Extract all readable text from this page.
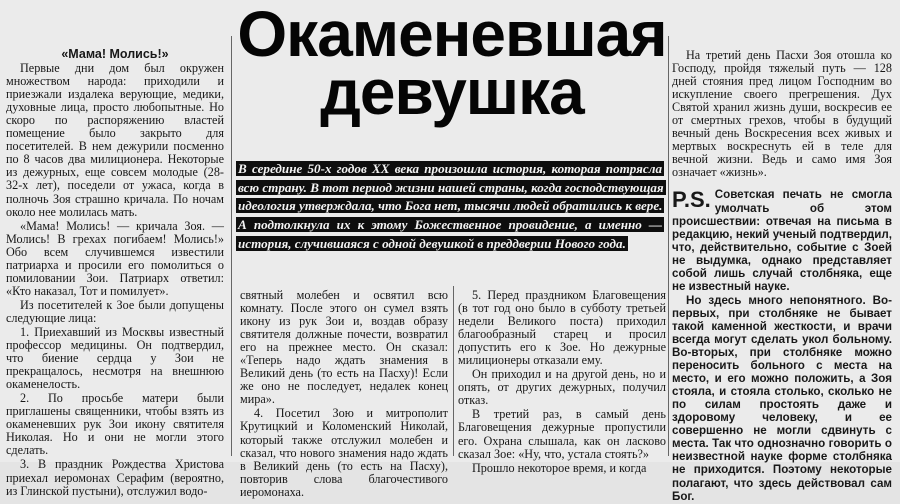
Окаменевшая
девушка
В середине 50-х годов XX века произошла история, которая потрясла всю страну. В тот период жизни нашей страны, когда господствующая идеология утверждала, что Бога нет, тысячи людей обратились к вере. А подтолкнула их к этому Божественное провидение, а именно — история, случившаяся с одной девушкой в преддверии Нового года.

«Мама! Молись!»

Первые дни дом был окружен множеством народа: приходили и приезжали издалека верующие, медики, духовные лица, просто любопытные. Но скоро по распоряжению властей помещение было закрыто для посетителей. В нем дежурили посменно по 8 часов два милиционера. Некоторые из дежурных, еще совсем молодые (28-32-х лет), поседели от ужаса, когда в полночь Зоя страшно кричала. По ночам около нее молилась мать.

«Мама! Молись! — кричала Зоя. — Молись! В грехах погибаем! Молись!» Обо всем случившемся известили патриарха и просили его помолиться о помиловании Зои. Патриарх ответил: «Кто наказал, Тот и помилует».

Из посетителей к Зое были допущены следующие лица:

1. Приехавший из Москвы известный профессор медицины. Он подтвердил, что биение сердца у Зои не прекращалось, несмотря на внешнюю окаменелость.

2. По просьбе матери были приглашены священники, чтобы взять из окаменевших рук Зои икону святителя Николая. Но и они не могли этого сделать.

3. В праздник Рождества Христова приехал иеромонах Серафим (вероятно, из Глинской пустыни), отслужил водо-

святный молебен и освятил всю комнату. После этого он сумел взять икону из рук Зои и, воздав образу святителя должные почести, возвратил его на прежнее место. Он сказал: «Теперь надо ждать знамения в Великий день (то есть на Пасху)! Если же оно не последует, недалек конец мира».

4. Посетил Зою и митрополит Крутицкий и Коломенский Николай, который также отслужил молебен и сказал, что нового знамения надо ждать в Великий день (то есть на Пасху), повторив слова благочестивого иеромонаха.

5. Перед праздником Благовещения (в тот год оно было в субботу третьей недели Великого поста) приходил благообразный старец и просил допустить его к Зое. Но дежурные милиционеры отказали ему.

Он приходил и на другой день, но и опять, от других дежурных, получил отказ.

В третий раз, в самый день Благовещения дежурные пропустили его. Охрана слышала, как он ласково сказал Зое: «Ну, что, устала стоять?»

Прошло некоторое время, и когда

На третий день Пасхи Зоя отошла ко Господу, пройдя тяжелый путь — 128 дней стояния пред лицом Господним во искупление своего прегрешения. Дух Святой хранил жизнь души, воскресив ее от смертных грехов, чтобы в будущий вечный день Воскресения всех живых и мертвых воскреснуть ей в теле для вечной жизни. Ведь и само имя Зоя означает «жизнь».

P.S. Советская печать не смогла умолчать об этом происшествии: отвечая на письма в редакцию, некий ученый подтвердил, что, действительно, событие с Зоей не выдумка, однако представляет собой лишь случай столбняка, еще не известный науке.

Но здесь много непонятного. Во-первых, при столбняке не бывает такой каменной жесткости, и врачи всегда могут сделать укол больному. Во-вторых, при столбняке можно переносить больного с места на место, и его можно положить, а Зоя стояла, и стояла столько, сколько не по силам простоять даже и здоровому человеку, и ее совершенно не могли сдвинуть с места. Так что однозначно говорить о неизвестной науке форме столбняка не приходится. Поэтому некоторые полагают, что здесь действовал сам Бог.
